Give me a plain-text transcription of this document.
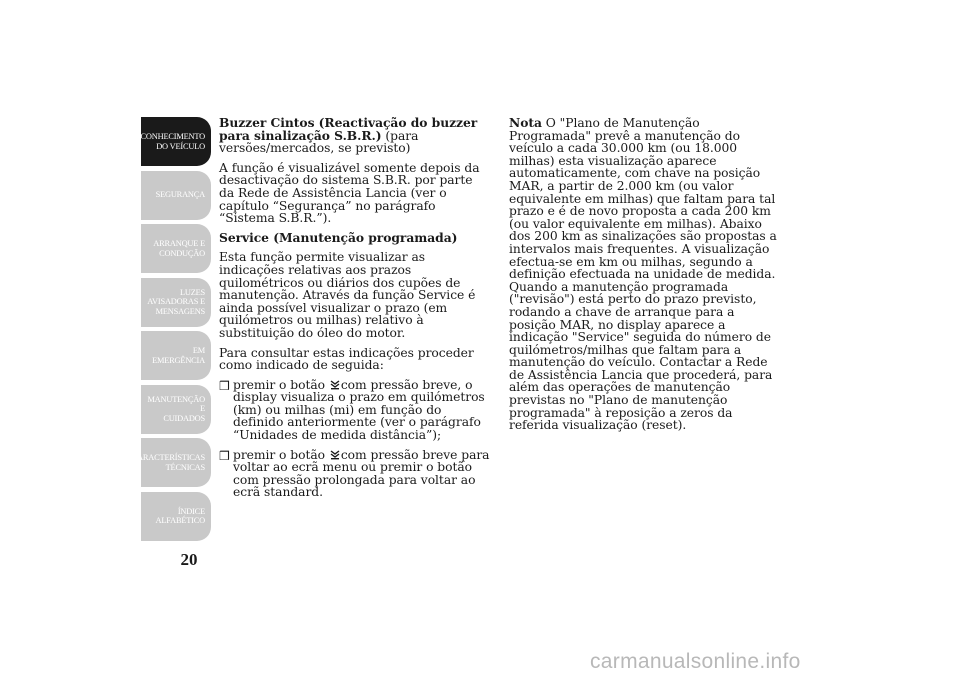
CONHECIMENTO
DO VEÍCULO
SEGURANÇA
ARRANQUE E
CONDUÇÃO
LUZES
AVISADORAS E
MENSAGENS
EM EMERGÊNCIA
MANUTENÇÃO E
CUIDADOS
CARACTERÍSTICAS
TÉCNICAS
ÍNDICE
ALFABÉTICO
20

Buzzer Cintos (Reactivação do buzzer para sinalização S.B.R.) (para versões/mercados, se previsto)

A função é visualizável somente depois da desactivação do sistema S.B.R. por parte da Rede de Assistência Lancia (ver o capítulo “Segurança” no parágrafo “Sistema S.B.R.”).

Service (Manutenção programada)

Esta função permite visualizar as indicações relativas aos prazos quilométricos ou diários dos cupões de manutenção. Através da função Service é ainda possível visualizar o prazo (em quilómetros ou milhas) relativo à substituição do óleo do motor.

Para consultar estas indicações proceder como indicado de seguida:

❒ premir o botão com pressão breve, o display visualiza o prazo em quilómetros (km) ou milhas (mi) em função do definido anteriormente (ver o parágrafo “Unidades de medida distância”);
❒ premir o botão com pressão breve para voltar ao ecrã menu ou premir o botão com pressão prolongada para voltar ao ecrã standard.

Nota O "Plano de Manutenção Programada" prevê a manutenção do veículo a cada 30.000 km (ou 18.000 milhas) esta visualização aparece automaticamente, com chave na posição MAR, a partir de 2.000 km (ou valor equivalente em milhas) que faltam para tal prazo e é de novo proposta a cada 200 km (ou valor equivalente em milhas). Abaixo dos 200 km as sinalizações são propostas a intervalos mais frequentes. A visualização efectua-se em km ou milhas, segundo a definição efectuada na unidade de medida. Quando a manutenção programada ("revisão") está perto do prazo previsto, rodando a chave de arranque para a posição MAR, no display aparece a indicação "Service" seguida do número de quilómetros/milhas que faltam para a manutenção do veículo. Contactar a Rede de Assistência Lancia que procederá, para além das operações de manutenção previstas no "Plano de manutenção programada" à reposição a zeros da referida visualização (reset).

carmanualsonline.info
